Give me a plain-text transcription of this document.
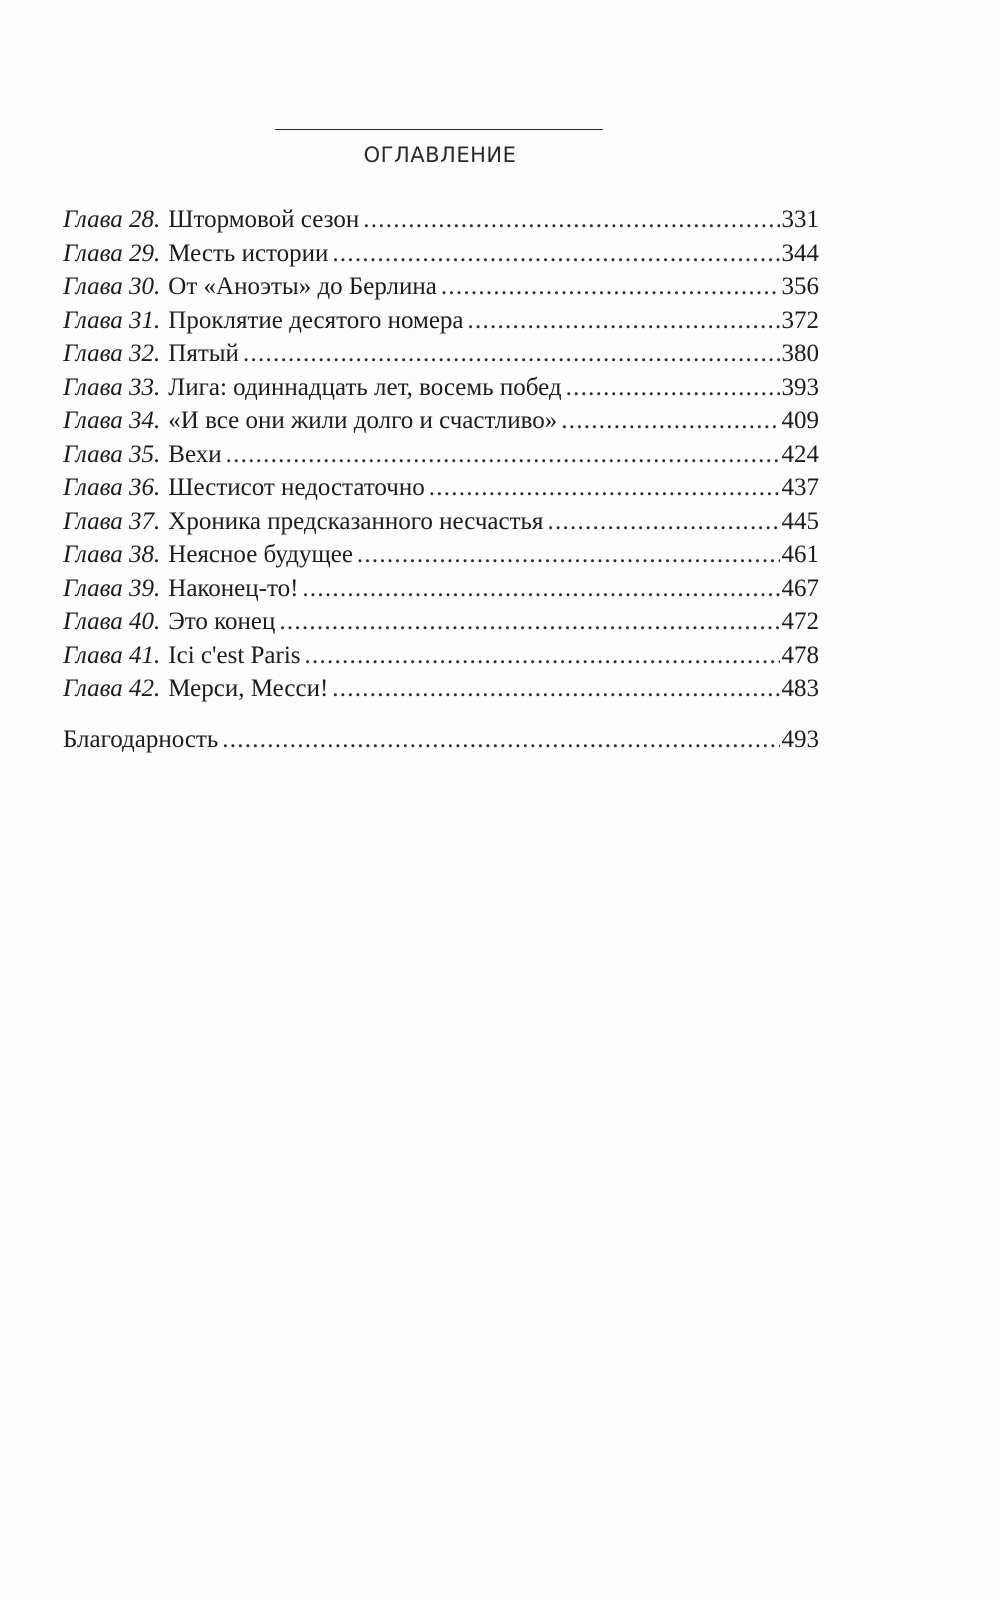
ОГЛАВЛЕНИЕ
Глава 28. Штормовой сезон . . .	331
Глава 29. Месть истории . . .	344
Глава 30. От «Аноэты» до Берлина . . .	356
Глава 31. Проклятие десятого номера . . .	372
Глава 32. Пятый . . .	380
Глава 33. Лига: одиннадцать лет, восемь побед . . .	393
Глава 34. «И все они жили долго и счастливо» . . .	409
Глава 35. Вехи . . .	424
Глава 36. Шестисот недостаточно . . .	437
Глава 37. Хроника предсказанного несчастья . . .	445
Глава 38. Неясное будущее . . .	461
Глава 39. Наконец-то! . . .	467
Глава 40. Это конец . . .	472
Глава 41. Ici c'est Paris . . .	478
Глава 42. Мерси, Месси! . . .	483
Благодарность . . .	493
